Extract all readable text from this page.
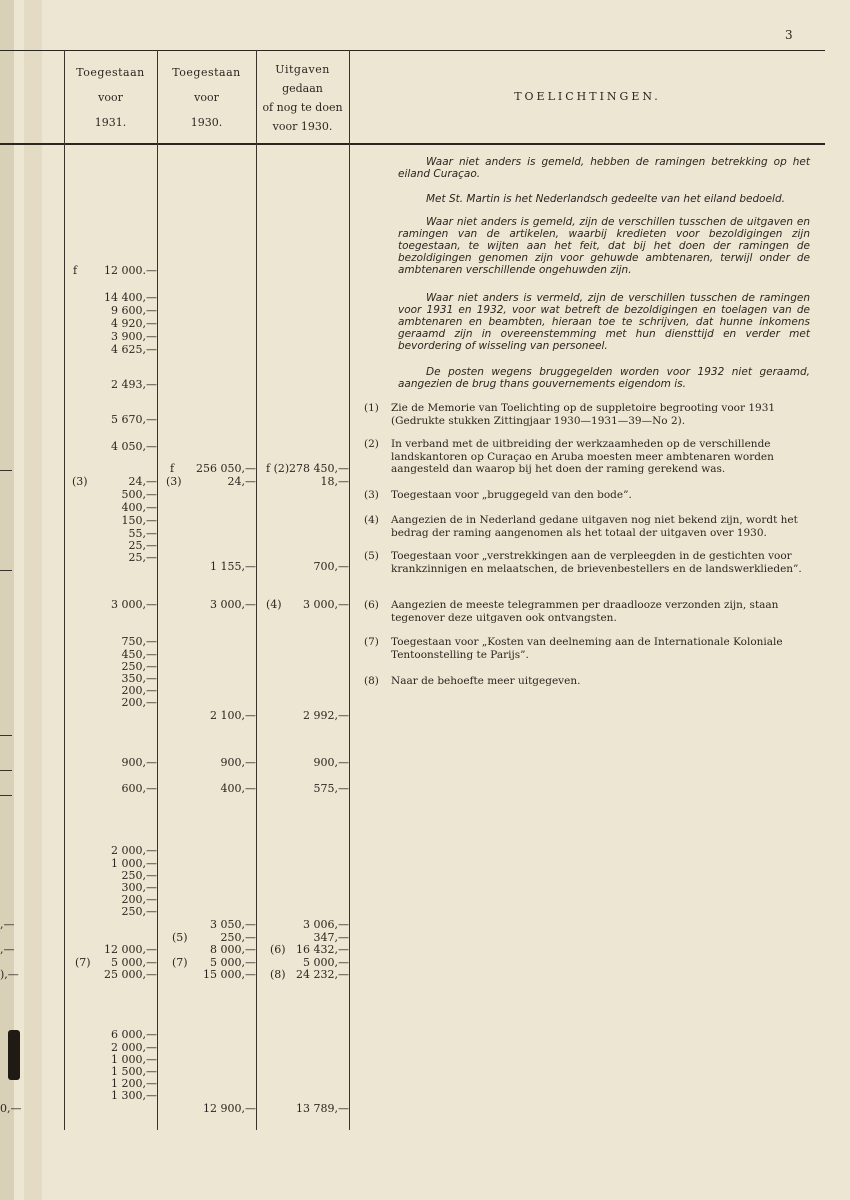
3
Toegestaan
voor
1931.
Toegestaan
voor
1930.
Uitgaven
gedaan
of nog te doen
voor 1930.
TOELICHTINGEN.
Waar niet anders is gemeld, hebben de ramingen betrekking op het eiland Curaçao.
Met St. Martin is het Nederlandsch gedeelte van het eiland bedoeld.
Waar niet anders is gemeld, zijn de verschillen tusschen de uitgaven en ramingen van de artikelen, waarbij kredieten voor bezoldigingen zijn toegestaan, te wijten aan het feit, dat bij het doen der ramingen de bezoldigingen genomen zijn voor gehuwde ambtenaren, terwijl onder de ambtenaren verschillende ongehuwden zijn.
Waar niet anders is vermeld, zijn de verschillen tusschen de ramingen voor 1931 en 1932, voor wat betreft de bezoldigingen en toelagen van de ambtenaren en beambten, hieraan toe te schrijven, dat hunne inkomens geraamd zijn in overeenstemming met hun diensttijd en verder met bevordering of wisseling van personeel.
De posten wegens bruggegelden worden voor 1932 niet geraamd, aangezien de brug thans gouvernements eigendom is.
(1) Zie de Memorie van Toelichting op de suppletoire begrooting voor 1931 (Gedrukte stukken Zittingjaar 1930—1931—39—No 2).
(2) In verband met de uitbreiding der werkzaamheden op de verschillende landskantoren op Curaçao en Aruba moesten meer ambtenaren worden aangesteld dan waarop bij het doen der raming gerekend was.
(3) Toegestaan voor „bruggegeld van den bode”.
(4) Aangezien de in Nederland gedane uitgaven nog niet bekend zijn, wordt het bedrag der raming aangenomen als het totaal der uitgaven over 1930.
(5) Toegestaan voor „verstrekkingen aan de verpleegden in de gestichten voor krankzinnigen en melaatschen, de brievenbestellers en de landswerklieden”.
(6) Aangezien de meeste telegrammen per draadlooze verzonden zijn, staan tegenover deze uitgaven ook ontvangsten.
(7) Toegestaan voor „Kosten van deelneming aan de Internationale Koloniale Tentoonstelling te Parijs”.
(8) Naar de behoefte meer uitgegeven.
12 000.—
14 400,—
9 600,—
4 920,—
3 900,—
4 625,—
2 493,—
5 670,—
4 050,—
24,—
500,—
400,—
150,—
55,—
25,—
25,—
3 000,—
750,—
450,—
250,—
350,—
200,—
200,—
900,—
600,—
2 000,—
1 000,—
250,—
300,—
200,—
250,—
12 000,—
5 000,—
25 000,—
6 000,—
2 000,—
1 000,—
1 500,—
1 200,—
1 300,—
256 050,—
24,—
1 155,—
3 000,—
2 100,—
900,—
400,—
3 050,—
250,—
8 000,—
5 000,—
15 000,—
12 900,—
278 450,—
18,—
700,—
3 000,—
2 992,—
900,—
575,—
3 006,—
347,—
16 432,—
5 000,—
24 232,—
13 789,—
f
f	f (2)
(3)	(3)
(4)
(7)
(5)
(7)
(6)
(8)
,—
,—
),—
0,—
